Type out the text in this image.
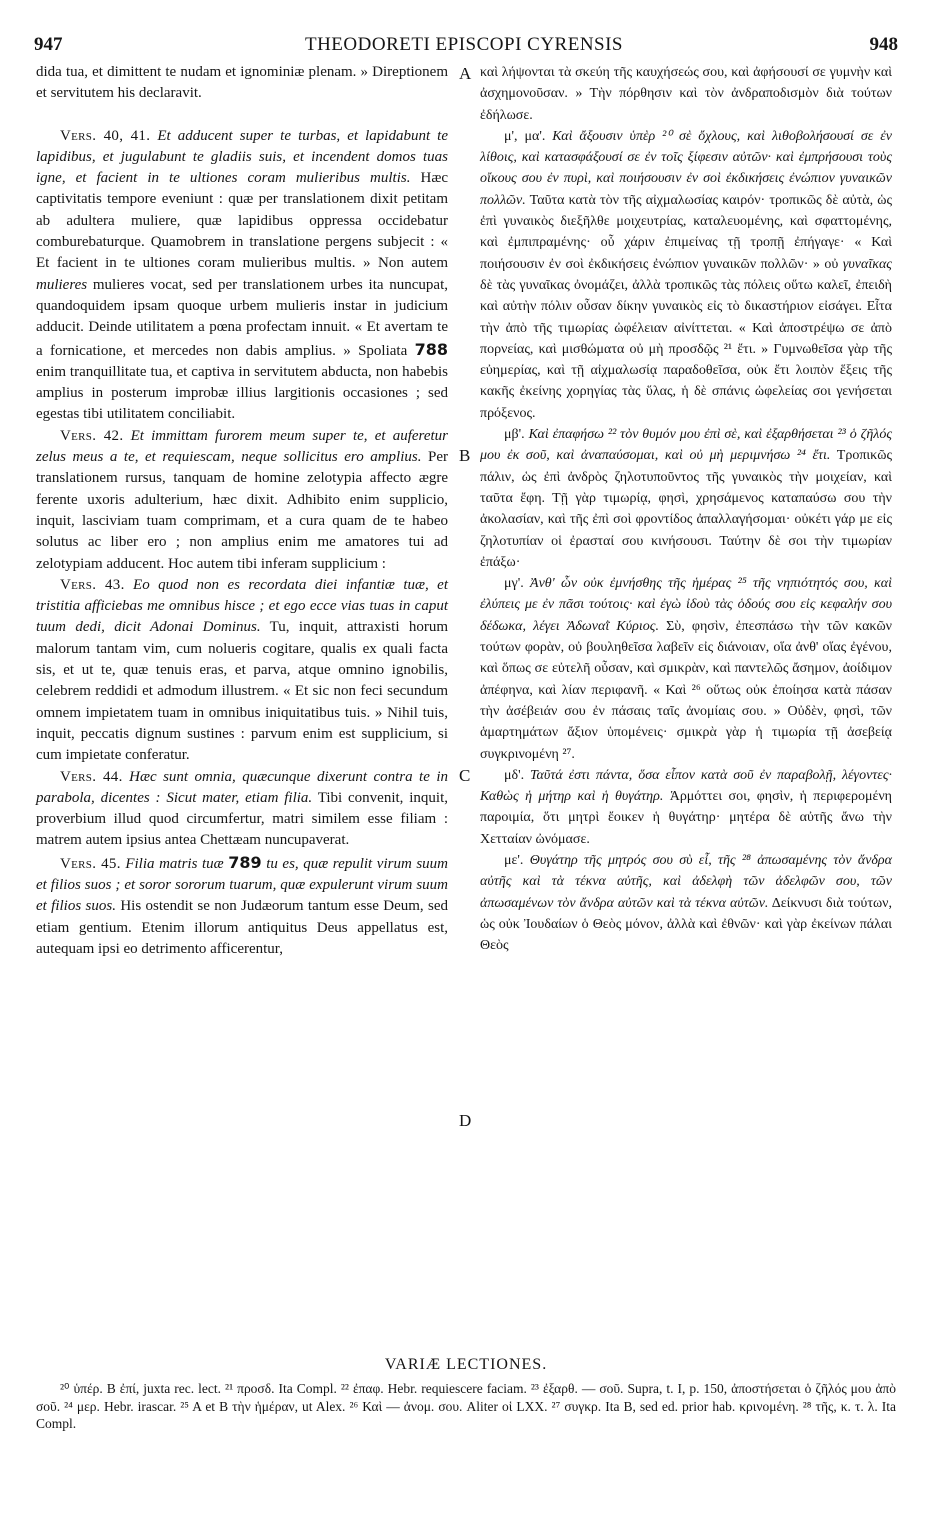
947	THEODORETI EPISCOPI CYRENSIS	948

dida tua, et dimittent te nudam et ignominiæ plenam. » Direptionem et servitutem his declaravit.

Vers. 40, 41. Et adducent super te turbas, et lapidabunt te lapidibus, et jugulabunt te gladiis suis, et incendent domos tuas igne, et facient in te ultiones coram mulieribus multis. Hæc captivitatis tempore eveniunt : quæ per translationem dixit petitam ab adultera muliere, quæ lapidibus oppressa occidebatur comburebaturque. Quamobrem in translatione pergens subjecit : « Et facient in te ultiones coram mulieribus multis. » Non autem mulieres mulieres vocat, sed per translationem urbes ita nuncupat, quandoquidem ipsam quoque urbem mulieris instar in judicium adducit. Deinde utilitatem a pœna profectam innuit. « Et avertam te a fornicatione, et mercedes non dabis amplius. » Spoliata 788 enim tranquillitate tua, et captiva in servitutem abducta, non habebis amplius in posterum improbæ illius largitionis occasiones ; sed egestas tibi utilitatem conciliabit.

Vers. 42. Et immittam furorem meum super te, et auferetur zelus meus a te, et requiescam, neque sollicitus ero amplius. Per translationem rursus, tanquam de homine zelotypia affecto ægre ferente uxoris adulterium, hæc dixit. Adhibito enim supplicio, inquit, lasciviam tuam comprimam, et a cura quam de te habeo solutus ac liber ero ; non amplius enim me amatores tui ad zelotypiam adducent. Hoc autem tibi inferam supplicium :

Vers. 43. Eo quod non es recordata diei infantiæ tuæ, et tristitia afficiebas me omnibus hisce ; et ego ecce vias tuas in caput tuum dedi, dicit Adonai Dominus. Tu, inquit, attraxisti horum malorum tantam vim, cum nolueris cogitare, qualis ex quali facta sis, et ut te, quæ tenuis eras, et parva, atque omnino ignobilis, celebrem reddidi et admodum illustrem. « Et sic non feci secundum omnem impietatem tuam in omnibus iniquitatibus tuis. » Nihil tuis, inquit, peccatis dignum sustines : parvum enim est supplicium, si cum impietate conferatur.

Vers. 44. Hæc sunt omnia, quæcunque dixerunt contra te in parabola, dicentes : Sicut mater, etiam filia. Tibi convenit, inquit, proverbium illud quod circumfertur, matri similem esse filiam : matrem autem ipsius antea Chettæam nuncupaverat.

Vers. 45. Filia matris tuæ 789 tu es, quæ repulit virum suum et filios suos ; et soror sororum tuarum, quæ expulerunt virum suum et filios suos. His ostendit se non Judæorum tantum esse Deum, sed etiam gentium. Etenim illorum antiquitus Deus appellatus est, autequam ipsi eo detrimento afficerentur,

A
B
C
D

καὶ λήψονται τὰ σκεύη τῆς καυχήσεώς σου, καὶ ἀφήσουσί σε γυμνὴν καὶ ἀσχημονοῦσαν. » Τὴν πόρθησιν καὶ τὸν ἀνδραποδισμὸν διὰ τούτων ἐδήλωσε.

μ', μα'. Καὶ ἄξουσιν ὑπὲρ ²⁰ σὲ ὄχλους, καὶ λιθοβολήσουσί σε ἐν λίθοις, καὶ κατασφάξουσί σε ἐν τοῖς ξίφεσιν αὐτῶν· καὶ ἐμπρήσουσι τοὺς οἴκους σου ἐν πυρὶ, καὶ ποιήσουσιν ἐν σοὶ ἐκδικήσεις ἐνώπιον γυναικῶν πολλῶν. Ταῦτα κατὰ τὸν τῆς αἰχμαλωσίας καιρόν· τροπικῶς δὲ αὐτὰ, ὡς ἐπὶ γυναικὸς διεξῆλθε μοιχευτρίας, καταλευομένης, καὶ σφαττομένης, καὶ ἐμπιπραμένης· οὗ χάριν ἐπιμείνας τῇ τροπῇ ἐπήγαγε· « Καὶ ποιήσουσιν ἐν σοὶ ἐκδικήσεις ἐνώπιον γυναικῶν πολλῶν· » οὐ γυναῖκας δὲ τὰς γυναῖκας ὀνομάζει, ἀλλὰ τροπικῶς τὰς πόλεις οὕτω καλεῖ, ἐπειδὴ καὶ αὐτὴν πόλιν οὖσαν δίκην γυναικὸς εἰς τὸ δικαστήριον εἰσάγει. Εἶτα τὴν ἀπὸ τῆς τιμωρίας ὠφέλειαν αἰνίττεται. « Καὶ ἀποστρέψω σε ἀπὸ πορνείας, καὶ μισθώματα οὐ μὴ προσδῷς ²¹ ἔτι. » Γυμνωθεῖσα γὰρ τῆς εὐημερίας, καὶ τῇ αἰχμαλωσίᾳ παραδοθεῖσα, οὐκ ἔτι λοιπὸν ἕξεις τῆς κακῆς ἐκείνης χορηγίας τὰς ὕλας, ἡ δὲ σπάνις ὠφελείας σοι γενήσεται πρόξενος.

μβ'. Καὶ ἐπαφήσω ²² τὸν θυμόν μου ἐπὶ σὲ, καὶ ἐξαρθήσεται ²³ ὁ ζῆλός μου ἐκ σοῦ, καὶ ἀναπαύσομαι, καὶ οὐ μὴ μεριμνήσω ²⁴ ἔτι. Τροπικῶς πάλιν, ὡς ἐπὶ ἀνδρὸς ζηλοτυποῦντος τῆς γυναικὸς τὴν μοιχείαν, καὶ ταῦτα ἔφη. Τῇ γὰρ τιμωρίᾳ, φησὶ, χρησάμενος καταπαύσω σου τὴν ἀκολασίαν, καὶ τῆς ἐπὶ σοὶ φροντίδος ἀπαλλαγήσομαι· οὐκέτι γάρ με εἰς ζηλοτυπίαν οἱ ἐρασταί σου κινήσουσι. Ταύτην δὲ σοι τὴν τιμωρίαν ἐπάξω·

μγ'. Ἀνθ' ὧν οὐκ ἐμνήσθης τῆς ἡμέρας ²⁵ τῆς νηπιότητός σου, καὶ ἐλύπεις με ἐν πᾶσι τούτοις· καὶ ἐγὼ ἰδοὺ τὰς ὁδούς σου εἰς κεφαλήν σου δέδωκα, λέγει Ἀδωναῒ Κύριος. Σὺ, φησὶν, ἐπεσπάσω τὴν τῶν κακῶν τούτων φορὰν, οὐ βουληθεῖσα λαβεῖν εἰς διάνοιαν, οἵα ἀνθ' οἵας ἐγένου, καὶ ὅπως σε εὐτελῆ οὖσαν, καὶ σμικρὰν, καὶ παντελῶς ἄσημον, ἀοίδιμον ἀπέφηνα, καὶ λίαν περιφανῆ. « Καὶ ²⁶ οὕτως οὐκ ἐποίησα κατὰ πάσαν τὴν ἀσέβειάν σου ἐν πάσαις ταῖς ἀνομίαις σου. » Οὐδὲν, φησὶ, τῶν ἁμαρτημάτων ἄξιον ὑπομένεις· σμικρὰ γὰρ ἡ τιμωρία τῇ ἀσεβείᾳ συγκρινομένη ²⁷.

μδ'. Ταῦτά ἐστι πάντα, ὅσα εἶπον κατὰ σοῦ ἐν παραβολῇ, λέγοντες· Καθὼς ἡ μήτηρ καὶ ἡ θυγάτηρ. Ἁρμόττει σοι, φησὶν, ἡ περιφερομένη παροιμία, ὅτι μητρὶ ἔοικεν ἡ θυγάτηρ· μητέρα δὲ αὐτῆς ἄνω τὴν Χετταίαν ὠνόμασε.

με'. Θυγάτηρ τῆς μητρός σου σὺ εἶ, τῆς ²⁸ ἀπωσαμένης τὸν ἄνδρα αὐτῆς καὶ τὰ τέκνα αὐτῆς, καὶ ἀδελφὴ τῶν ἀδελφῶν σου, τῶν ἀπωσαμένων τὸν ἄνδρα αὐτῶν καὶ τὰ τέκνα αὐτῶν. Δείκνυσι διὰ τούτων, ὡς οὐκ Ἰουδαίων ὁ Θεὸς μόνον, ἀλλὰ καὶ ἐθνῶν· καὶ γὰρ ἐκείνων πάλαι Θεὸς

VARIÆ LECTIONES.
²⁰ ὑπέρ. B ἐπί, juxta rec. lect. ²¹ προσδ. Ita Compl. ²² ἐπαφ. Hebr. requiescere faciam. ²³ ἐξαρθ. — σοῦ. Supra, t. I, p. 150, ἀποστήσεται ὁ ζῆλός μου ἀπὸ σοῦ. ²⁴ μερ. Hebr. irascar. ²⁵ A et B τὴν ἡμέραν, ut Alex. ²⁶ Καὶ — ἀνομ. σου. Aliter οἱ LXX. ²⁷ συγκρ. Ita B, sed ed. prior hab. κρινομένη. ²⁸ τῆς, κ. τ. λ. Ita Compl.
